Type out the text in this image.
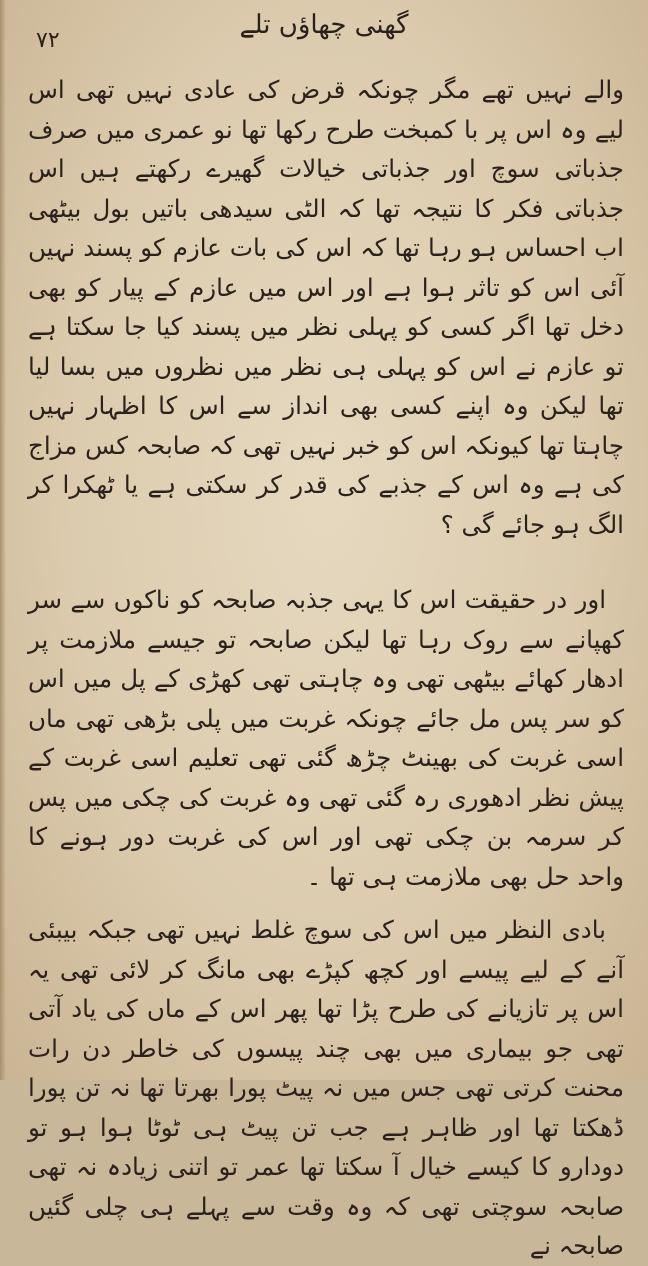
گھنی چھاؤں تلے
۷۲

والے نہیں تھے مگر چونکہ قرض کی عادی نہیں تھی اس لیے وہ اس پر با کمبخت طرح رکھا تھا نو عمری میں صرف جذباتی سوچ اور جذباتی خیالات گھیرے رکھتے ہیں اس جذباتی فکر کا نتیجہ تھا کہ الٹی سیدھی باتیں بول بیٹھی اب احساس ہو رہا تھا کہ اس کی بات عازم کو پسند نہیں آئی اس کو تاثر ہوا ہے اور اس میں عازم کے پیار کو بھی دخل تھا اگر کسی کو پہلی نظر میں پسند کیا جا سکتا ہے تو عازم نے اس کو پہلی ہی نظر میں نظروں میں بسا لیا تھا لیکن وہ اپنے کسی بھی انداز سے اس کا اظہار نہیں چاہتا تھا کیونکہ اس کو خبر نہیں تھی کہ صابحہ کس مزاج کی ہے وہ اس کے جذبے کی قدر کر سکتی ہے یا ٹھکرا کر الگ ہو جائے گی ؟

اور در حقیقت اس کا یہی جذبہ صابحہ کو ناکوں سے سر کھپانے سے روک رہا تھا لیکن صابحہ تو جیسے ملازمت پر ادھار کھائے بیٹھی تھی وہ چاہتی تھی کھڑی کے پل میں اس کو سر پس مل جائے چونکہ غربت میں پلی بڑھی تھی ماں اسی غربت کی بھینٹ چڑھ گئی تھی تعلیم اسی غربت کے پیش نظر ادھوری رہ گئی تھی وہ غربت کی چکی میں پس کر سرمہ بن چکی تھی اور اس کی غربت دور ہونے کا واحد حل بھی ملازمت ہی تھا ۔

بادی النظر میں اس کی سوچ غلط نہیں تھی جبکہ بیبئی آنے کے لیے پیسے اور کچھ کپڑے بھی مانگ کر لائی تھی یہ اس پر تازیانے کی طرح پڑا تھا پھر اس کے ماں کی یاد آتی تھی جو بیماری میں بھی چند پیسوں کی خاطر دن رات محنت کرتی تھی جس میں نہ پیٹ پورا بھرتا تھا نہ تن پورا ڈھکتا تھا اور ظاہر ہے جب تن پیٹ ہی ٹوٹا ہوا ہو تو دودارو کا کیسے خیال آ سکتا تھا عمر تو اتنی زیادہ نہ تھی صابحہ سوچتی تھی کہ وہ وقت سے پہلے ہی چلی گئیں صابحہ نے
